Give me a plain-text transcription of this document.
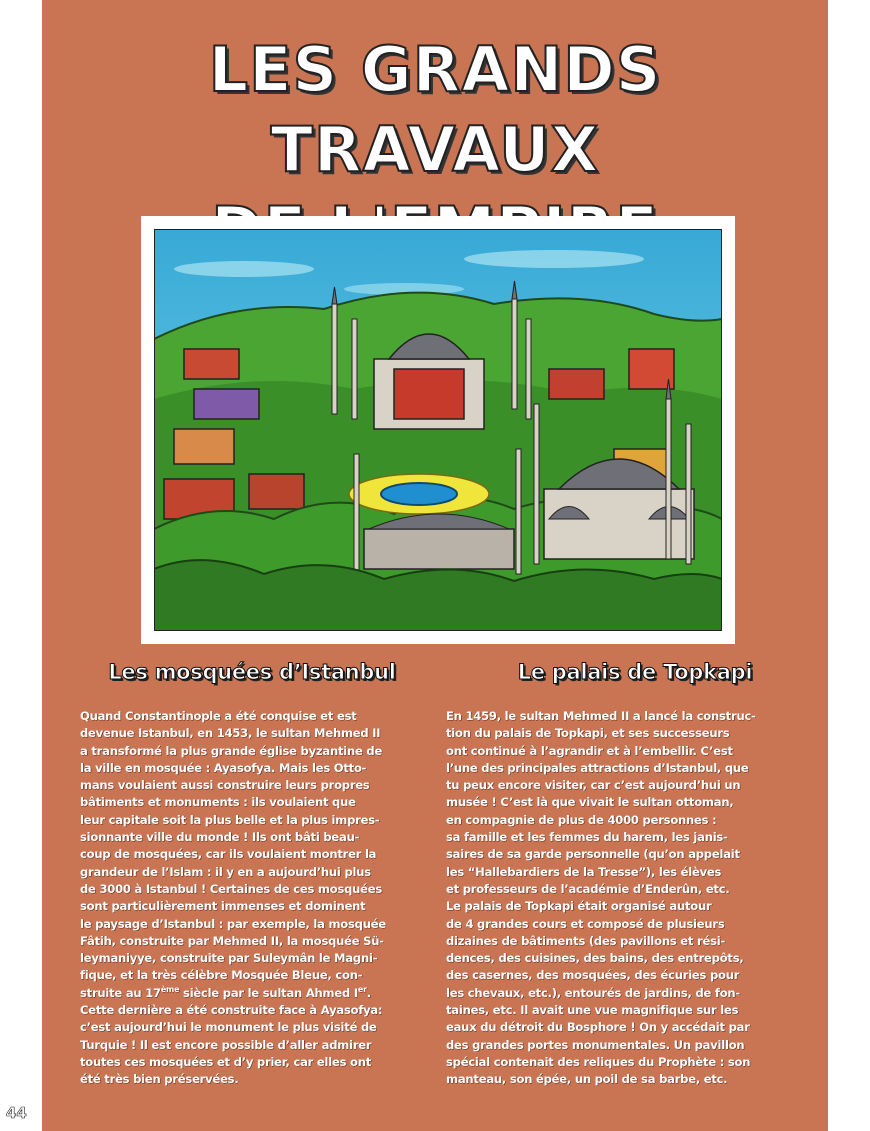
LES GRANDS TRAVAUX
Les mosquées d’Istanbul	Le palais de Topkapi

Quand Constantinople a été conquise et est

devenue Istanbul, en 1453, le sultan Mehmed II

a transformé la plus grande église byzantine de

la ville en mosquée : Ayasofya. Mais les Otto-

mans voulaient aussi construire leurs propres

bâtiments et monuments : ils voulaient que

leur capitale soit la plus belle et la plus impres-

sionnante ville du monde ! Ils ont bâti beau-

coup de mosquées, car ils voulaient montrer la

grandeur de l’Islam : il y en a aujourd’hui plus

de 3000 à Istanbul ! Certaines de ces mosquées

sont particulièrement immenses et dominent

le paysage d’Istanbul : par exemple, la mosquée

Fâtih, construite par Mehmed II, la mosquée Sü-

leymaniyye, construite par Suleymân le Magni-

fique, et la très célèbre Mosquée Bleue, con-

struite au 17ème siècle par le sultan Ahmed Ier.

Cette dernière a été construite face à Ayasofya:

c’est aujourd’hui le monument le plus visité de

Turquie ! Il est encore possible d’aller admirer

toutes ces mosquées et d’y prier, car elles ont

été très bien préservées.

En 1459, le sultan Mehmed II a lancé la construc-

tion du palais de Topkapi, et ses successeurs

ont continué à l’agrandir et à l’embellir. C’est

l’une des principales attractions d’Istanbul, que

tu peux encore visiter, car c’est aujourd’hui un

musée ! C’est là que vivait le sultan ottoman,

en compagnie de plus de 4000 personnes :

sa famille et les femmes du harem, les janis-

saires de sa garde personnelle (qu’on appelait

les “Hallebardiers de la Tresse”), les élèves

et professeurs de l’académie d’Enderûn, etc.

Le palais de Topkapi était organisé autour

de 4 grandes cours et composé de plusieurs

dizaines de bâtiments (des pavillons et rési-

dences, des cuisines, des bains, des entrepôts,

des casernes, des mosquées, des écuries pour

les chevaux, etc.), entourés de jardins, de fon-

taines, etc. Il avait une vue magnifique sur les

eaux du détroit du Bosphore ! On y accédait par

des grandes portes monumentales. Un pavillon

spécial contenait des reliques du Prophète : son

manteau, son épée, un poil de sa barbe, etc.

44
